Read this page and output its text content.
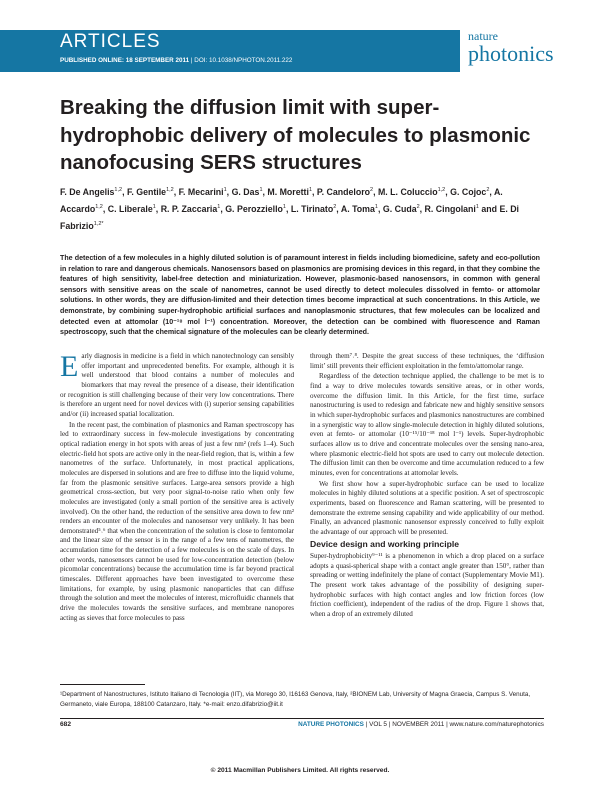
ARTICLES
PUBLISHED ONLINE: 18 SEPTEMBER 2011 | DOI: 10.1038/NPHOTON.2011.222
nature
photonics
Breaking the diffusion limit with super-hydrophobic delivery of molecules to plasmonic nanofocusing SERS structures
F. De Angelis$^{1,2}$, F. Gentile$^{1,2}$, F. Mecarini$^1$, G. Das$^1$, M. Moretti$^1$, P. Candeloro$^2$, M. L. Coluccio$^{1,2}$, G. Cojoc$^2$, A. Accardo$^{1,2}$, C. Liberale$^1$, R. P. Zaccaria$^1$, G. Perozziello$^1$, L. Tirinato$^2$, A. Toma$^1$, G. Cuda$^2$, R. Cingolani$^1$ and E. Di Fabrizio$^{1,2*}$
The detection of a few molecules in a highly diluted solution is of paramount interest in fields including biomedicine, safety and eco-pollution in relation to rare and dangerous chemicals. Nanosensors based on plasmonics are promising devices in this regard, in that they combine the features of high sensitivity, label-free detection and miniaturization. However, plasmonic-based nanosensors, in common with general sensors with sensitive areas on the scale of nanometres, cannot be used directly to detect molecules dissolved in femto- or attomolar solutions. In other words, they are diffusion-limited and their detection times become impractical at such concentrations. In this Article, we demonstrate, by combining super-hydrophobic artificial surfaces and nanoplasmonic structures, that few molecules can be localized and detected even at attomolar (10⁻¹⁸ mol l⁻¹) concentration. Moreover, the detection can be combined with fluorescence and Raman spectroscopy, such that the chemical signature of the molecules can be clearly determined.

Early diagnosis in medicine is a field in which nanotechnology can sensibly offer important and unprecedented benefits. For example, although it is well understood that blood contains a number of molecules and biomarkers that may reveal the presence of a disease, their identification or recognition is still challenging because of their very low concentrations. There is therefore an urgent need for novel devices with (i) superior sensing capabilities and/or (ii) increased spatial localization.

In the recent past, the combination of plasmonics and Raman spectroscopy has led to extraordinary success in few-molecule investigations by concentrating optical radiation energy in hot spots with areas of just a few nm² (refs 1–4). Such electric-field hot spots are active only in the near-field region, that is, within a few nanometres of the surface. Unfortunately, in most practical applications, molecules are dispersed in solutions and are free to diffuse into the liquid volume, far from the plasmonic sensitive surfaces. Large-area sensors provide a high geometrical cross-section, but very poor signal-to-noise ratio when only few molecules are investigated (only a small portion of the sensitive area is actively involved). On the other hand, the reduction of the sensitive area down to few nm² renders an encounter of the molecules and nanosensor very unlikely. It has been demonstrated⁵˒⁶ that when the concentration of the solution is close to femtomolar and the linear size of the sensor is in the range of a few tens of nanometres, the accumulation time for the detection of a few molecules is on the scale of days. In other words, nanosensors cannot be used for low-concentration detection (below picomolar concentrations) because the accumulation time is far beyond practical timescales. Different approaches have been investigated to overcome these limitations, for example, by using plasmonic nanoparticles that can diffuse through the solution and meet the molecules of interest, microfluidic channels that drive the molecules towards the sensitive surfaces, and membrane nanopores acting as sieves that force molecules to pass

through them⁷˒⁸. Despite the great success of these techniques, the ‘diffusion limit’ still prevents their efficient exploitation in the femto/attomolar range.

Regardless of the detection technique applied, the challenge to be met is to find a way to drive molecules towards sensitive areas, or in other words, overcome the diffusion limit. In this Article, for the first time, surface nanostructuring is used to redesign and fabricate new and highly sensitive sensors in which super-hydrophobic surfaces and plasmonics nanostructures are combined in a synergistic way to allow single-molecule detection in highly diluted solutions, even at femto- or attomolar (10⁻¹⁵/10⁻¹⁸ mol l⁻¹) levels. Super-hydrophobic surfaces allow us to drive and concentrate molecules over the sensing nano-area, where plasmonic electric-field hot spots are used to carry out molecule detection. The diffusion limit can then be overcome and time accumulation reduced to a few minutes, even for concentrations at attomolar levels.

We first show how a super-hydrophobic surface can be used to localize molecules in highly diluted solutions at a specific position. A set of spectroscopic experiments, based on fluorescence and Raman scattering, will be presented to demonstrate the extreme sensing capability and wide applicability of our method. Finally, an advanced plasmonic nanosensor expressly conceived to fully exploit the advantage of our approach will be presented.

Device design and working principle

Super-hydrophobicity⁹⁻¹¹ is a phenomenon in which a drop placed on a surface adopts a quasi-spherical shape with a contact angle greater than 150°, rather than spreading or wetting indefinitely the plane of contact (Supplementary Movie M1). The present work takes advantage of the possibility of designing super-hydrophobic surfaces with high contact angles and low friction forces (low friction coefficient), independent of the radius of the drop. Figure 1 shows that, when a drop of an extremely diluted

¹Department of Nanostructures, Istituto Italiano di Tecnologia (IIT), via Morego 30, I16163 Genova, Italy, ²BIONEM Lab, University of Magna Graecia, Campus S. Venuta, Germaneto, viale Europa, 188100 Catanzaro, Italy. *e-mail: enzo.difabrizio@iit.it
682	NATURE PHOTONICS | VOL 5 | NOVEMBER 2011 | www.nature.com/naturephotonics
© 2011 Macmillan Publishers Limited. All rights reserved.
